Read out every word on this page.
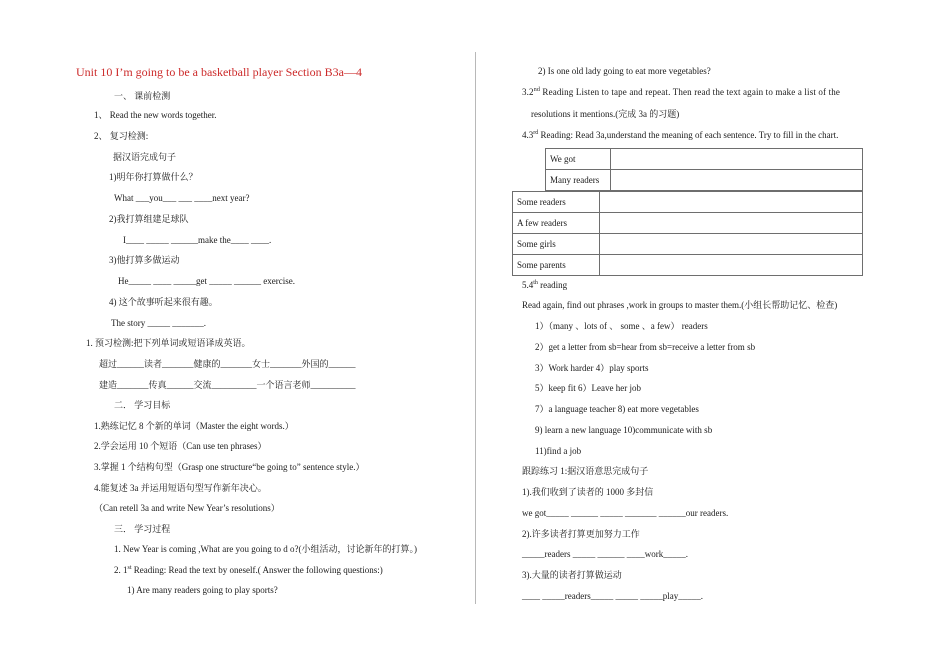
Unit 10 I’m going to be a basketball player Section B3a—4
一、 课前检测
1、 Read the new words together.
2、 复习检测:
据汉语完成句子
1)明年你打算做什么？
What ___you___ ___ ____next year?
2)我打算组建足球队
I____ _____ ______make the____ ____.
3)他打算多做运动
He_____ ____ _____get _____ ______ exercise.
4) 这个故事听起来很有趣。
The story _____ _______.
1. 预习检测:把下列单词或短语译成英语。
超过______读者_______健康的_______女士_______外国的______
建造_______传真______交流__________一个语言老师__________
二． 学习目标
1.熟练记忆 8 个新的单词（Master the eight words.）
2.学会运用 10 个短语（Can use ten phrases）
3.掌握 1 个结构句型（Grasp one structure“be going to” sentence style.）
4.能复述 3a 并运用短语句型写作新年决心。
（Can retell 3a and write New Year’s resolutions）
三． 学习过程
1. New Year is coming ,What are you going to d o?(小组活动，讨论新年的打算。)
2. 1st Reading: Read the text by oneself.( Answer the following questions:)
1) Are many readers going to play sports?
2) Is one old lady going to eat more vegetables?
3.2nd Reading Listen to tape and repeat. Then read the text again to make a list of the
resolutions it mentions.(完成 3a 的习题)
4.3rd Reading: Read 3a,understand the meaning of each sentence. Try to fill in the chart.
We got	
Many readers	
Some readers	
A few readers	
Some girls	
Some parents	
5.4th reading
Read again, find out phrases ,work in groups to master them.(小组长帮助记忆、检查)
1）（many 、lots of 、 some 、a few） readers
2）get a letter from sb=hear from sb=receive a letter from sb
3）Work harder 4）play sports
5）keep fit 6）Leave her job
7）a language teacher 8) eat more vegetables
9) learn a new language 10)communicate with sb
11)find a job
跟踪练习 1:据汉语意思完成句子
1).我们收到了读者的 1000 多封信
we got_____ ______ _____ _______ ______our readers.
2).许多读者打算更加努力工作
_____readers _____ ______ ____work_____.
3).大量的读者打算做运动
____ _____readers_____ _____ _____play_____.
